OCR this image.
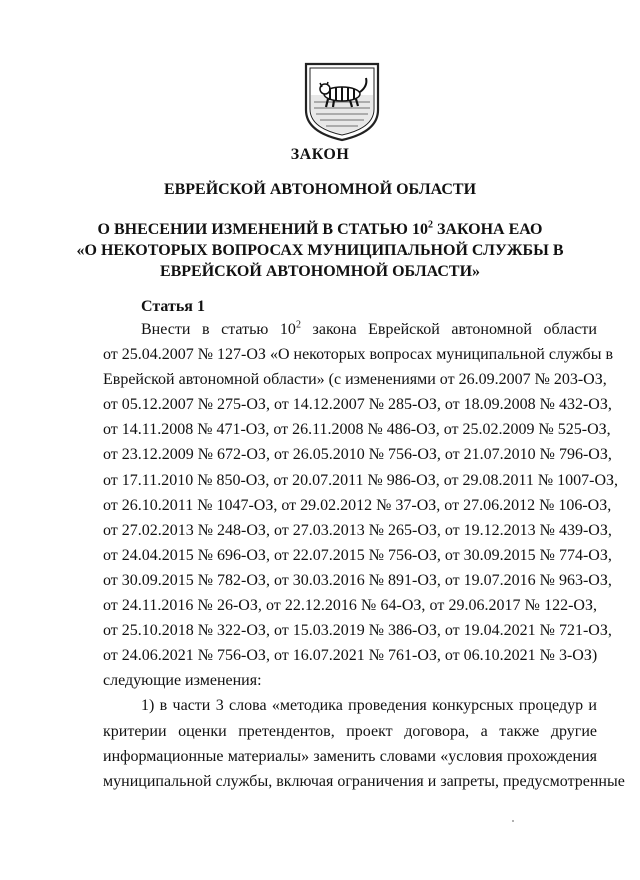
ЗАКОН
ЕВРЕЙСКОЙ АВТОНОМНОЙ ОБЛАСТИ
О ВНЕСЕНИИ ИЗМЕНЕНИЙ В СТАТЬЮ $10^2$ ЗАКОНА ЕАО
«О НЕКОТОРЫХ ВОПРОСАХ МУНИЦИПАЛЬНОЙ СЛУЖБЫ В
ЕВРЕЙСКОЙ АВТОНОМНОЙ ОБЛАСТИ»
Статья 1
Внести в статью $10^2$ закона Еврейской автономной области
от 25.04.2007 № 127-ОЗ «О некоторых вопросах муниципальной службы в
Еврейской автономной области» (с изменениями от 26.09.2007 № 203-ОЗ,
от 05.12.2007 № 275-ОЗ, от 14.12.2007 № 285-ОЗ, от 18.09.2008 № 432-ОЗ,
от 14.11.2008 № 471-ОЗ, от 26.11.2008 № 486-ОЗ, от 25.02.2009 № 525-ОЗ,
от 23.12.2009 № 672-ОЗ, от 26.05.2010 № 756-ОЗ, от 21.07.2010 № 796-ОЗ,
от 17.11.2010 № 850-ОЗ, от 20.07.2011 № 986-ОЗ, от 29.08.2011 № 1007-ОЗ,
от 26.10.2011 № 1047-ОЗ, от 29.02.2012 № 37-ОЗ, от 27.06.2012 № 106-ОЗ,
от 27.02.2013 № 248-ОЗ, от 27.03.2013 № 265-ОЗ, от 19.12.2013 № 439-ОЗ,
от 24.04.2015 № 696-ОЗ, от 22.07.2015 № 756-ОЗ, от 30.09.2015 № 774-ОЗ,
от 30.09.2015 № 782-ОЗ, от 30.03.2016 № 891-ОЗ, от 19.07.2016 № 963-ОЗ,
от 24.11.2016 № 26-ОЗ, от 22.12.2016 № 64-ОЗ, от 29.06.2017 № 122-ОЗ,
от 25.10.2018 № 322-ОЗ, от 15.03.2019 № 386-ОЗ, от 19.04.2021 № 721-ОЗ,
от 24.06.2021 № 756-ОЗ, от 16.07.2021 № 761-ОЗ, от 06.10.2021 № 3-ОЗ)
следующие изменения:
1) в части 3 слова «методика проведения конкурсных процедур и
критерии оценки претендентов, проект договора, а также другие
информационные материалы» заменить словами «условия прохождения
муниципальной службы, включая ограничения и запреты, предусмотренные
